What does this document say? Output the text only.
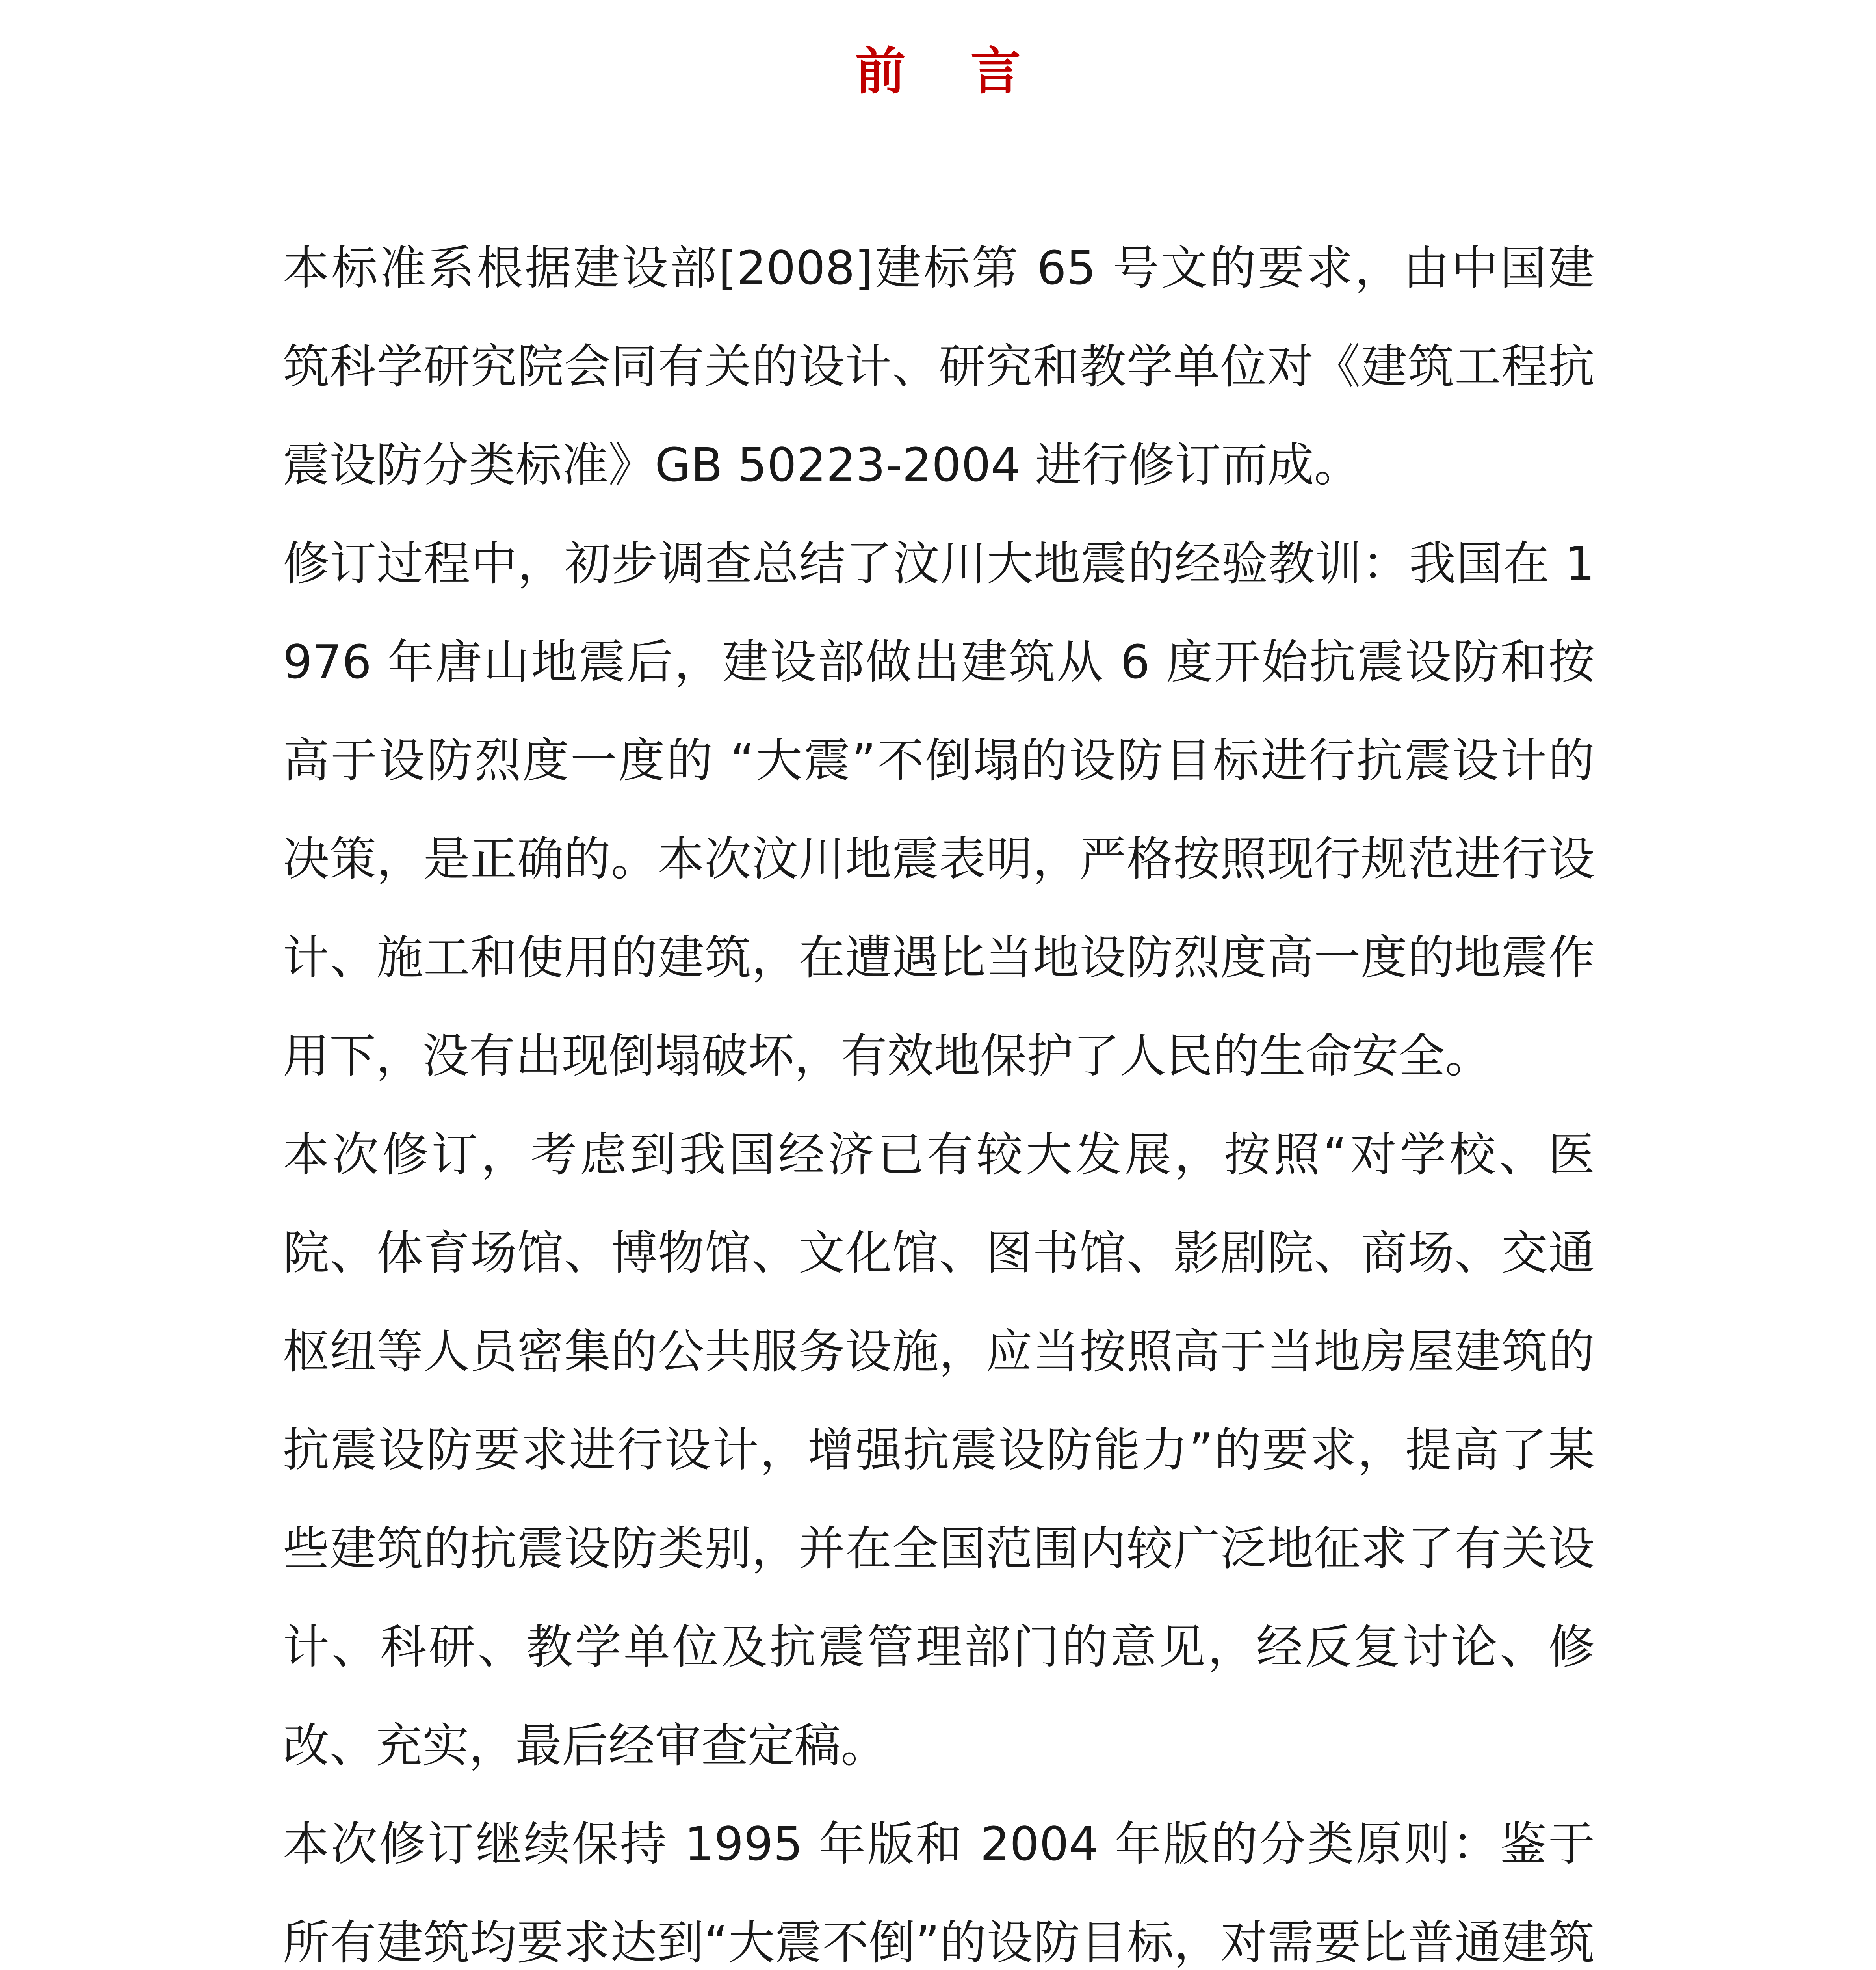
前 言

本标准系根据建设部[2008]建标第 65 号文的要求，由中国建筑科学研究院会同有关的设计、研究和教学单位对《建筑工程抗震设防分类标准》GB 50223-2004 进行修订而成。

修订过程中，初步调查总结了汶川大地震的经验教训：我国在 1976 年唐山地震后，建设部做出建筑从 6 度开始抗震设防和按高于设防烈度一度的 “大震”不倒塌的设防目标进行抗震设计的决策，是正确的。本次汶川地震表明，严格按照现行规范进行设计、施工和使用的建筑，在遭遇比当地设防烈度高一度的地震作用下，没有出现倒塌破坏，有效地保护了人民的生命安全。

本次修订，考虑到我国经济已有较大发展，按照“对学校、医院、体育场馆、博物馆、文化馆、图书馆、影剧院、商场、交通枢纽等人员密集的公共服务设施，应当按照高于当地房屋建筑的抗震设防要求进行设计，增强抗震设防能力”的要求，提高了某些建筑的抗震设防类别，并在全国范围内较广泛地征求了有关设计、科研、教学单位及抗震管理部门的意见，经反复讨论、修改、充实，最后经审查定稿。

本次修订继续保持 1995 年版和 2004 年版的分类原则：鉴于所有建筑均要求达到“大震不倒”的设防目标，对需要比普通建筑
